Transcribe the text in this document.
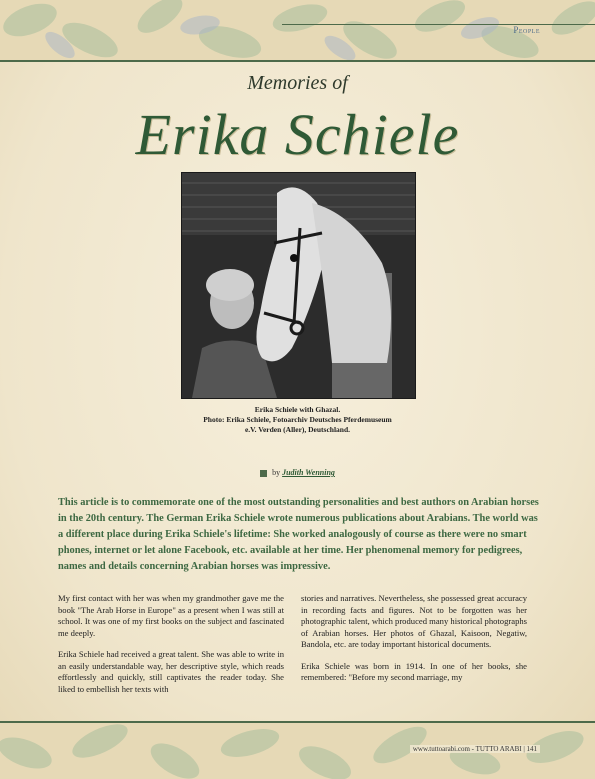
People
Memories of
Erika Schiele
Erika Schiele with Ghazal.
Photo: Erika Schiele, Fotoarchiv Deutsches Pferdemuseum
e.V. Verden (Aller), Deutschland.
by Judith Wenning
This article is to commemorate one of the most outstanding personalities and best authors on Arabian horses in the 20th century. The German Erika Schiele wrote numerous publications about Arabians. The world was a different place during Erika Schiele's lifetime: She worked analogously of course as there were no smart phones, internet or let alone Facebook, etc. available at her time. Her phenomenal memory for pedigrees, names and details concerning Arabian horses was impressive.

My first contact with her was when my grandmother gave me the book "The Arab Horse in Europe" as a present when I was still at school. It was one of my first books on the subject and fascinated me deeply.

Erika Schiele had received a great talent. She was able to write in an easily understandable way, her descriptive style, which reads effortlessly and quickly, still captivates the reader today. She liked to embellish her texts with

stories and narratives. Nevertheless, she possessed great accuracy in recording facts and figures. Not to be forgotten was her photographic talent, which produced many historical photographs of Arabian horses. Her photos of Ghazal, Kaisoon, Negatiw, Bandola, etc. are today important historical documents.

Erika Schiele was born in 1914. In one of her books, she remembered: "Before my second marriage, my

www.tuttoarabi.com - TUTTO ARABI | 141
